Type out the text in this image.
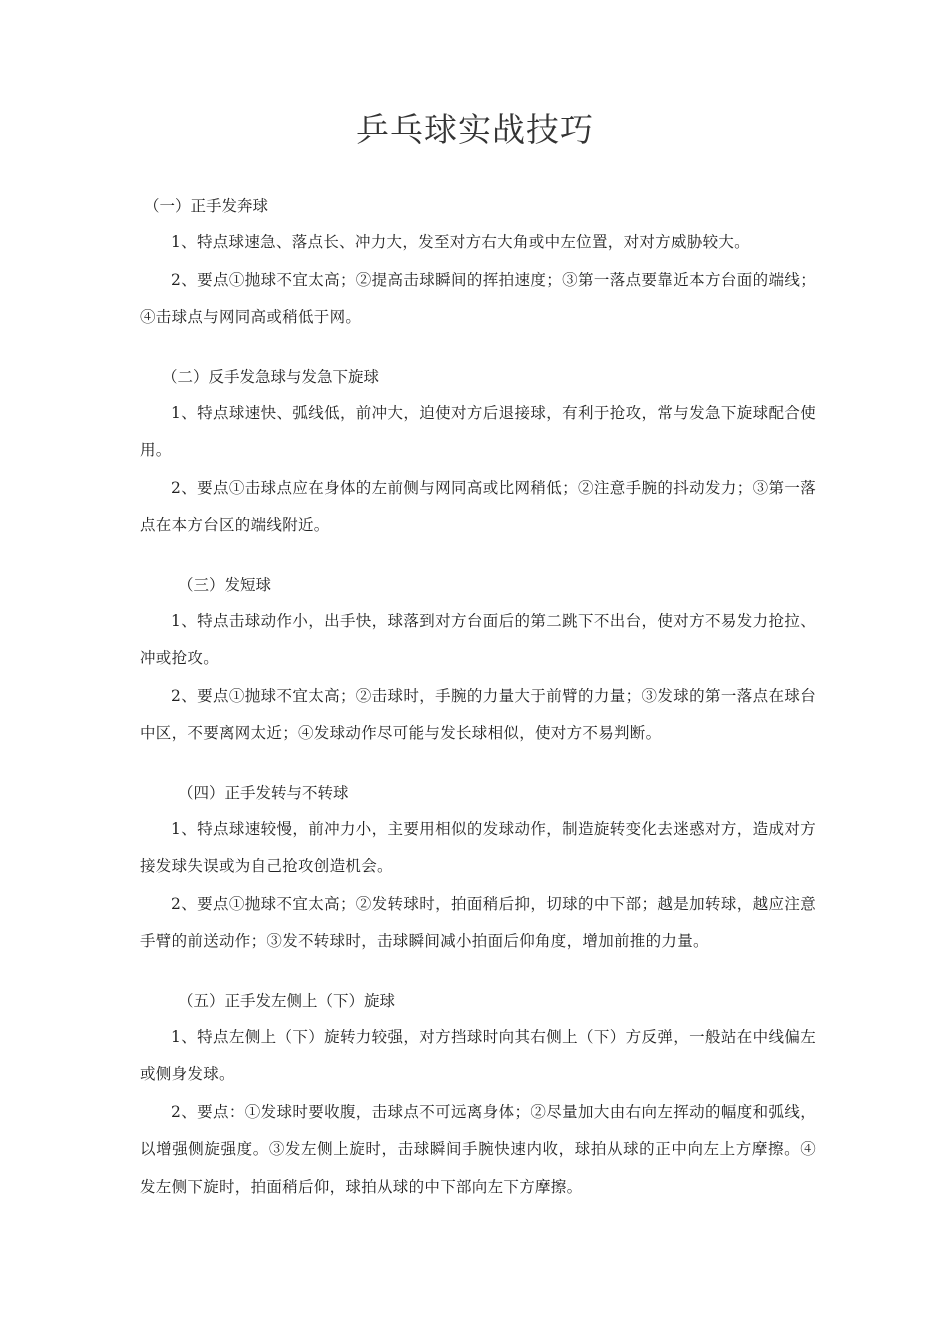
乒乓球实战技巧
（一）正手发奔球

1、特点球速急、落点长、冲力大，发至对方右大角或中左位置，对对方威胁较大。

2、要点①抛球不宜太高；②提高击球瞬间的挥拍速度；③第一落点要靠近本方台面的端线；④击球点与网同高或稍低于网。

（二）反手发急球与发急下旋球

1、特点球速快、弧线低，前冲大，迫使对方后退接球，有利于抢攻，常与发急下旋球配合使用。

2、要点①击球点应在身体的左前侧与网同高或比网稍低；②注意手腕的抖动发力；③第一落点在本方台区的端线附近。

（三）发短球

1、特点击球动作小，出手快，球落到对方台面后的第二跳下不出台，使对方不易发力抢拉、冲或抢攻。

2、要点①抛球不宜太高；②击球时，手腕的力量大于前臂的力量；③发球的第一落点在球台中区，不要离网太近；④发球动作尽可能与发长球相似，使对方不易判断。

（四）正手发转与不转球

1、特点球速较慢，前冲力小，主要用相似的发球动作，制造旋转变化去迷惑对方，造成对方接发球失误或为自己抢攻创造机会。

2、要点①抛球不宜太高；②发转球时，拍面稍后抑，切球的中下部；越是加转球，越应注意手臂的前送动作；③发不转球时，击球瞬间减小拍面后仰角度，增加前推的力量。

（五）正手发左侧上（下）旋球

1、特点左侧上（下）旋转力较强，对方挡球时向其右侧上（下）方反弹，一般站在中线偏左或侧身发球。

2、要点：①发球时要收腹，击球点不可远离身体；②尽量加大由右向左挥动的幅度和弧线，以增强侧旋强度。③发左侧上旋时，击球瞬间手腕快速内收，球拍从球的正中向左上方摩擦。④发左侧下旋时，拍面稍后仰，球拍从球的中下部向左下方摩擦。
